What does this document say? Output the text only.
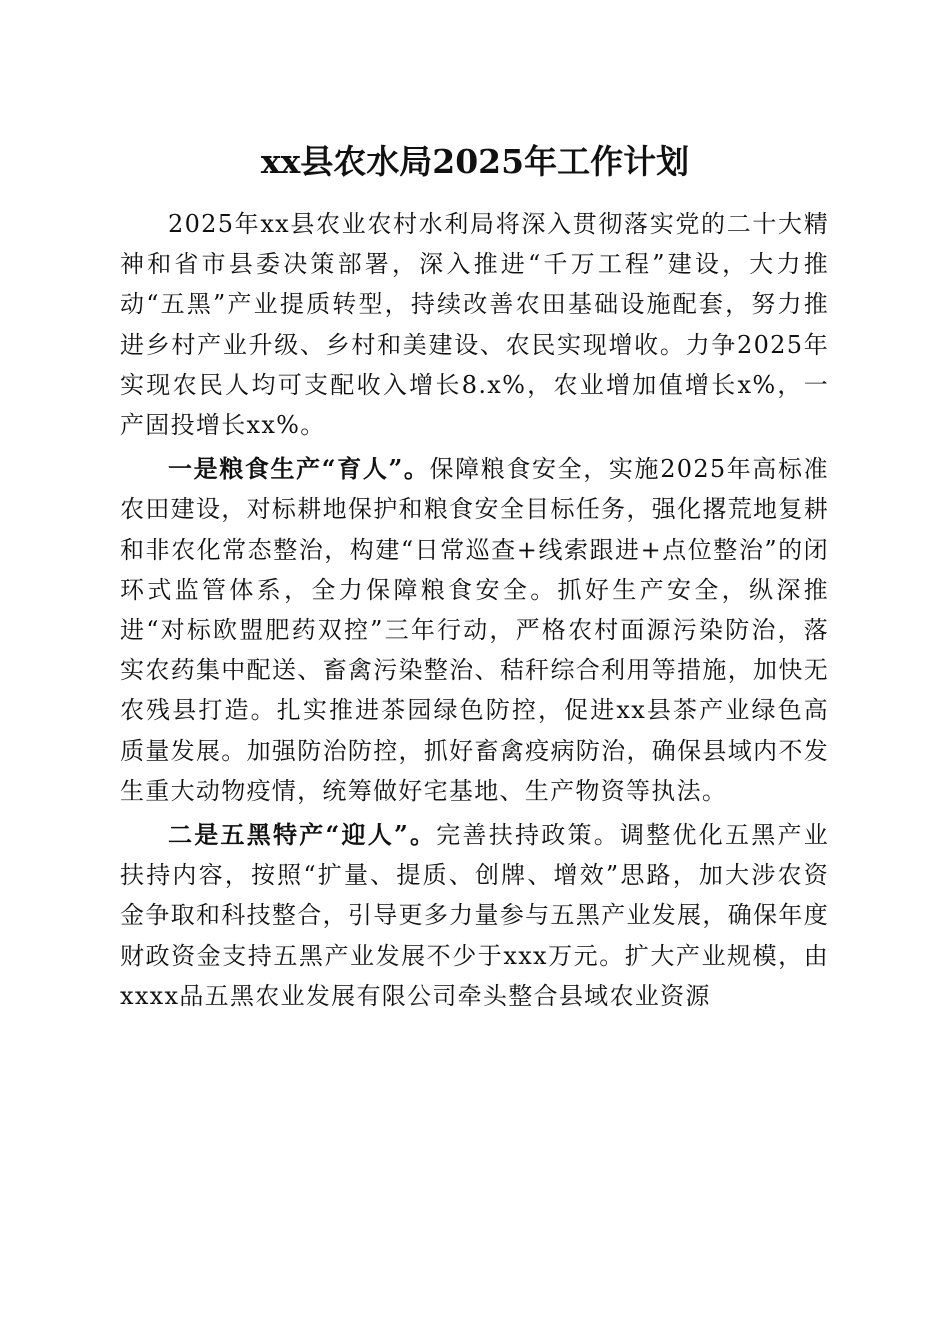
xx县农水局2025年工作计划

2025年xx县农业农村水利局将深入贯彻落实党的二十大精神和省市县委决策部署，深入推进“千万工程”建设，大力推动“五黑”产业提质转型，持续改善农田基础设施配套，努力推进乡村产业升级、乡村和美建设、农民实现增收。力争2025年实现农民人均可支配收入增长8.x%，农业增加值增长x%，一产固投增长xx%。

一是粮食生产“育人”。保障粮食安全，实施2025年高标准农田建设，对标耕地保护和粮食安全目标任务，强化撂荒地复耕和非农化常态整治，构建“日常巡查+线索跟进+点位整治”的闭环式监管体系，全力保障粮食安全。抓好生产安全，纵深推进“对标欧盟肥药双控”三年行动，严格农村面源污染防治，落实农药集中配送、畜禽污染整治、秸秆综合利用等措施，加快无农残县打造。扎实推进茶园绿色防控，促进xx县茶产业绿色高质量发展。加强防治防控，抓好畜禽疫病防治，确保县域内不发生重大动物疫情，统筹做好宅基地、生产物资等执法。

二是五黑特产“迎人”。完善扶持政策。调整优化五黑产业扶持内容，按照“扩量、提质、创牌、增效”思路，加大涉农资金争取和科技整合，引导更多力量参与五黑产业发展，确保年度财政资金支持五黑产业发展不少于xxx万元。扩大产业规模，由xxxx品五黑农业发展有限公司牵头整合县域农业资源
